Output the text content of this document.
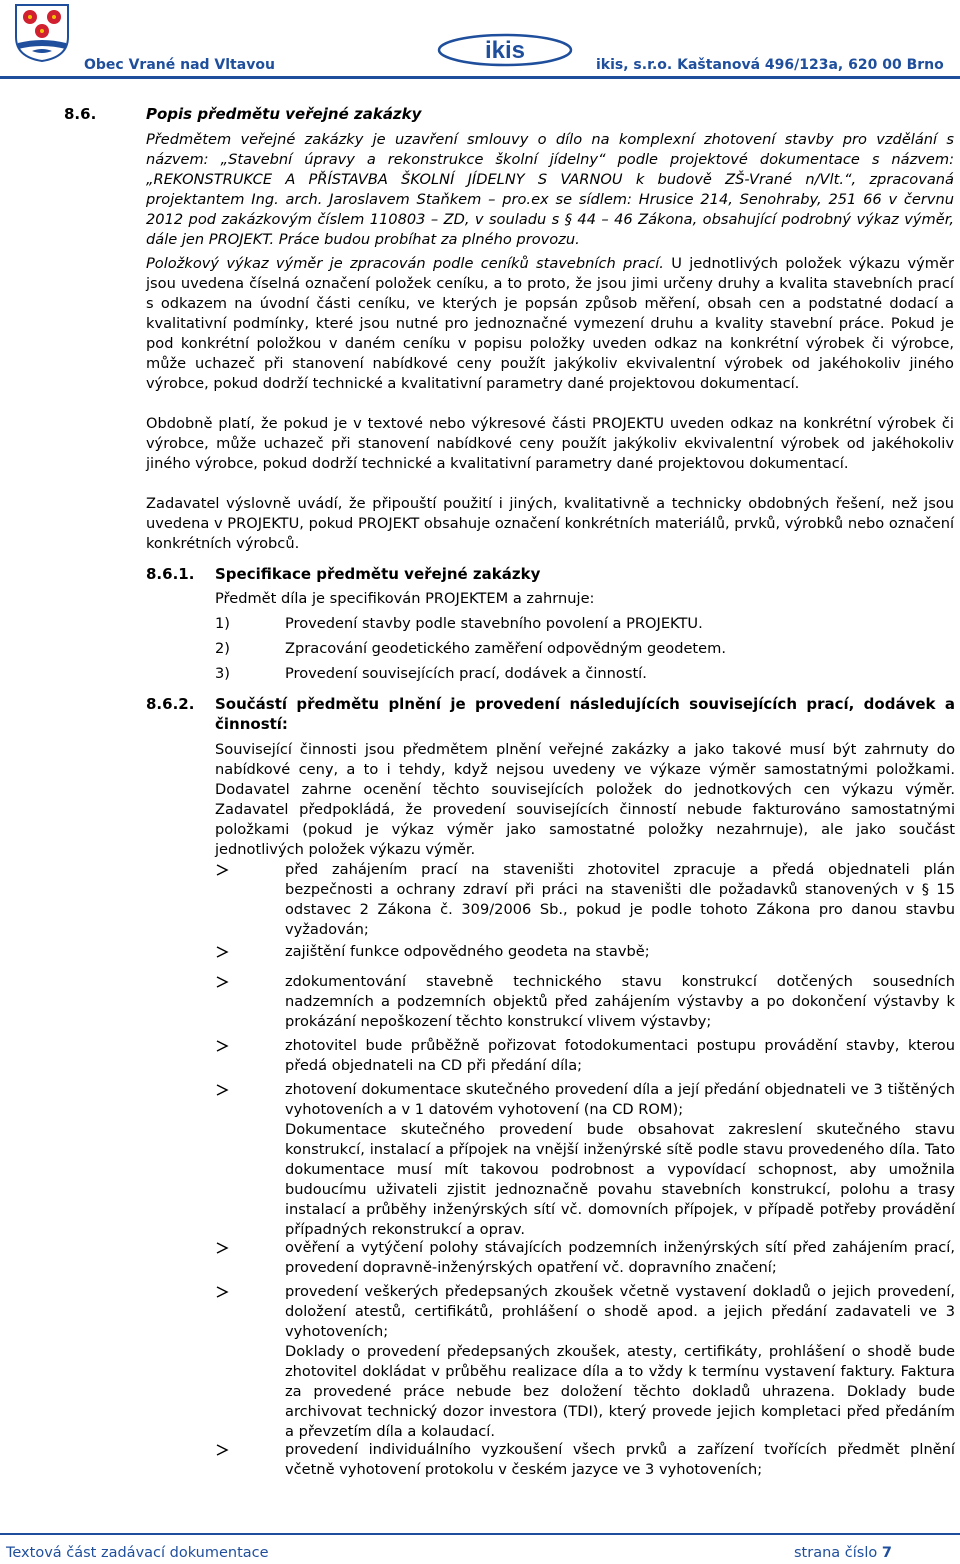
Obec Vrané nad Vltavou
ikis
ikis, s.r.o. Kaštanová 496/123a, 620 00 Brno
8.6.	Popis předmětu veřejné zakázky

Předmětem veřejné zakázky je uzavření smlouvy o dílo na komplexní zhotovení stavby pro vzdělání s názvem: „Stavební úpravy a rekonstrukce školní jídelny“ podle projektové dokumentace s názvem: „REKONSTRUKCE A PŘÍSTAVBA ŠKOLNÍ JÍDELNY S VARNOU k budově ZŠ-Vrané n/Vlt.“, zpracovaná projektantem Ing. arch. Jaroslavem Staňkem – pro.ex se sídlem: Hrusice 214, Senohraby, 251 66 v červnu 2012 pod zakázkovým číslem 110803 – ZD, v souladu s § 44 – 46 Zákona, obsahující podrobný výkaz výměr, dále jen PROJEKT. Práce budou probíhat za plného provozu.

Položkový výkaz výměr je zpracován podle ceníků stavebních prací. U jednotlivých položek výkazu výměr jsou uvedena číselná označení položek ceníku, a to proto, že jsou jimi určeny druhy a kvalita stavebních prací s odkazem na úvodní části ceníku, ve kterých je popsán způsob měření, obsah cen a podstatné dodací a kvalitativní podmínky, které jsou nutné pro jednoznačné vymezení druhu a kvality stavební práce. Pokud je pod konkrétní položkou v daném ceníku v popisu položky uveden odkaz na konkrétní výrobek či výrobce, může uchazeč při stanovení nabídkové ceny použít jakýkoliv ekvivalentní výrobek od jakéhokoliv jiného výrobce, pokud dodrží technické a kvalitativní parametry dané projektovou dokumentací.

Obdobně platí, že pokud je v textové nebo výkresové části PROJEKTU uveden odkaz na konkrétní výrobek či výrobce, může uchazeč při stanovení nabídkové ceny použít jakýkoliv ekvivalentní výrobek od jakéhokoliv jiného výrobce, pokud dodrží technické a kvalitativní parametry dané projektovou dokumentací.

Zadavatel výslovně uvádí, že připouští použití i jiných, kvalitativně a technicky obdobných řešení, než jsou uvedena v PROJEKTU, pokud PROJEKT obsahuje označení konkrétních materiálů, prvků, výrobků nebo označení konkrétních výrobců.

8.6.1. Specifikace předmětu veřejné zakázky

Předmět díla je specifikován PROJEKTEM a zahrnuje:

1)	Provedení stavby podle stavebního povolení a PROJEKTU.
2)	Zpracování geodetického zaměření odpovědným geodetem.
3)	Provedení souvisejících prací, dodávek a činností.
8.6.2. Součástí předmětu plnění je provedení následujících souvisejících prací, dodávek a činností:

Související činnosti jsou předmětem plnění veřejné zakázky a jako takové musí být zahrnuty do nabídkové ceny, a to i tehdy, když nejsou uvedeny ve výkaze výměr samostatnými položkami. Dodavatel zahrne ocenění těchto souvisejících položek do jednotkových cen výkazu výměr. Zadavatel předpokládá, že provedení souvisejících činností nebude fakturováno samostatnými položkami (pokud je výkaz výměr jako samostatné položky nezahrnuje), ale jako součást jednotlivých položek výkazu výměr.

před zahájením prací na staveništi zhotovitel zpracuje a předá objednateli plán bezpečnosti a ochrany zdraví při práci na staveništi dle požadavků stanovených v § 15 odstavec 2 Zákona č. 309/2006 Sb., pokud je podle tohoto Zákona pro danou stavbu vyžadován;

zajištění funkce odpovědného geodeta na stavbě;

zdokumentování stavebně technického stavu konstrukcí dotčených sousedních nadzemních a podzemních objektů před zahájením výstavby a po dokončení výstavby k prokázání nepoškození těchto konstrukcí vlivem výstavby;

zhotovitel bude průběžně pořizovat fotodokumentaci postupu provádění stavby, kterou předá objednateli na CD při předání díla;

zhotovení dokumentace skutečného provedení díla a její předání objednateli ve 3 tištěných vyhotoveních a v 1 datovém vyhotovení (na CD ROM);

Dokumentace skutečného provedení bude obsahovat zakreslení skutečného stavu konstrukcí, instalací a přípojek na vnější inženýrské sítě podle stavu provedeného díla. Tato dokumentace musí mít takovou podrobnost a vypovídací schopnost, aby umožnila budoucímu uživateli zjistit jednoznačně povahu stavebních konstrukcí, polohu a trasy instalací a průběhy inženýrských sítí vč. domovních přípojek, v případě potřeby provádění případných rekonstrukcí a oprav.

ověření a vytýčení polohy stávajících podzemních inženýrských sítí před zahájením prací, provedení dopravně-inženýrských opatření vč. dopravního značení;

provedení veškerých předepsaných zkoušek včetně vystavení dokladů o jejich provedení, doložení atestů, certifikátů, prohlášení o shodě apod. a jejich předání zadavateli ve 3 vyhotoveních;

Doklady o provedení předepsaných zkoušek, atesty, certifikáty, prohlášení o shodě bude zhotovitel dokládat v průběhu realizace díla a to vždy k termínu vystavení faktury. Faktura za provedené práce nebude bez doložení těchto dokladů uhrazena. Doklady bude archivovat technický dozor investora (TDI), který provede jejich kompletaci před předáním a převzetím díla a kolaudací.

provedení individuálního vyzkoušení všech prvků a zařízení tvořících předmět plnění včetně vyhotovení protokolu v českém jazyce ve 3 vyhotoveních;

Textová část zadávací dokumentace	strana číslo 7
